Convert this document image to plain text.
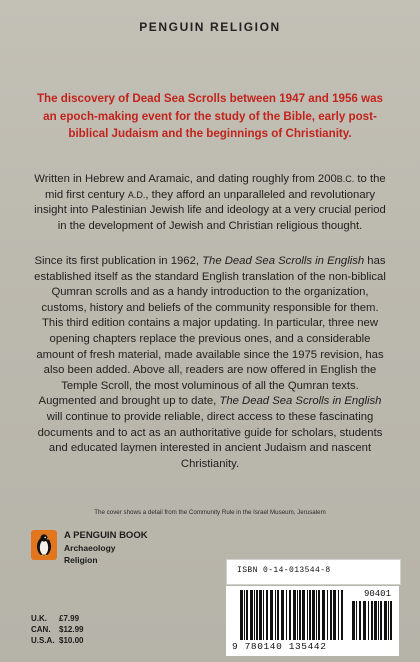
PENGUIN RELIGION

The discovery of Dead Sea Scrolls between 1947 and 1956 was an epoch-making event for the study of the Bible, early post-biblical Judaism and the beginnings of Christianity.

Written in Hebrew and Aramaic, and dating roughly from 200B.C. to the mid first century A.D., they afford an unparalleled and revolutionary insight into Palestinian Jewish life and ideology at a very crucial period in the development of Jewish and Christian religious thought.

Since its first publication in 1962, The Dead Sea Scrolls in English has established itself as the standard English translation of the non-biblical Qumran scrolls and as a handy introduction to the organization, customs, history and beliefs of the community responsible for them. This third edition contains a major updating. In particular, three new opening chapters replace the previous ones, and a considerable amount of fresh material, made available since the 1975 revision, has also been added. Above all, readers are now offered in English the Temple Scroll, the most voluminous of all the Qumran texts. Augmented and brought up to date, The Dead Sea Scrolls in English will continue to provide reliable, direct access to these fascinating documents and to act as an authoritative guide for scholars, students and educated laymen interested in ancient Judaism and nascent Christianity.

The cover shows a detail from the Community Rule in the Israel Museum, Jerusalem
A PENGUIN BOOK
Archaeology
Religion
ISBN 0-14-013544-8
90401
9 780140 135442
U.K.	£7.99
CAN.	$12.99
U.S.A. $10.00
